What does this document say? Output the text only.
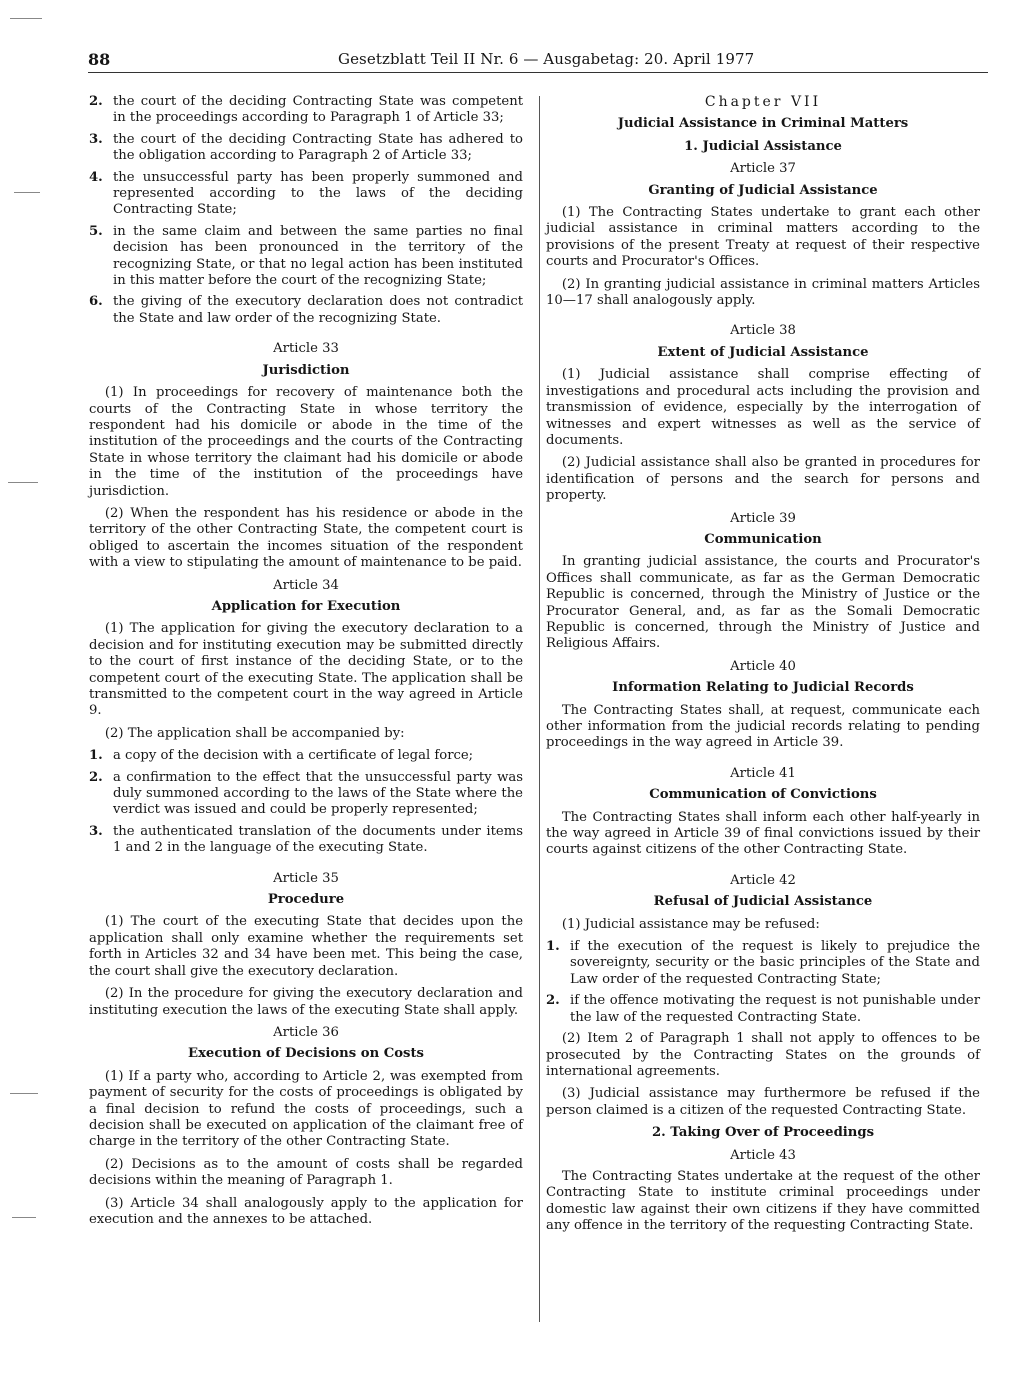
88	Gesetzblatt Teil II Nr. 6 — Ausgabetag: 20. April 1977
2. the court of the deciding Contracting State was competent in the proceedings according to Paragraph 1 of Article 33;
3. the court of the deciding Contracting State has adhered to the obligation according to Paragraph 2 of Article 33;
4. the unsuccessful party has been properly summoned and represented according to the laws of the deciding Contracting State;
5. in the same claim and between the same parties no final decision has been pronounced in the territory of the recognizing State, or that no legal action has been instituted in this matter before the court of the recognizing State;
6. the giving of the executory declaration does not contradict the State and law order of the recognizing State.
Article 33
Jurisdiction

(1) In proceedings for recovery of maintenance both the courts of the Contracting State in whose territory the respondent had his domicile or abode in the time of the institution of the proceedings and the courts of the Contracting State in whose territory the claimant had his domicile or abode in the time of the institution of the proceedings have jurisdiction.

(2) When the respondent has his residence or abode in the territory of the other Contracting State, the competent court is obliged to ascertain the incomes situation of the respondent with a view to stipulating the amount of maintenance to be paid.

Article 34
Application for Execution

(1) The application for giving the executory declaration to a decision and for instituting execution may be submitted directly to the court of first instance of the deciding State, or to the competent court of the executing State. The application shall be transmitted to the competent court in the way agreed in Article 9.

(2) The application shall be accompanied by:

1. a copy of the decision with a certificate of legal force;
2. a confirmation to the effect that the unsuccessful party was duly summoned according to the laws of the State where the verdict was issued and could be properly represented;
3. the authenticated translation of the documents under items 1 and 2 in the language of the executing State.
Article 35
Procedure

(1) The court of the executing State that decides upon the application shall only examine whether the requirements set forth in Articles 32 and 34 have been met. This being the case, the court shall give the executory declaration.

(2) In the procedure for giving the executory declaration and instituting execution the laws of the executing State shall apply.

Article 36
Execution of Decisions on Costs

(1) If a party who, according to Article 2, was exempted from payment of security for the costs of proceedings is obligated by a final decision to refund the costs of proceedings, such a decision shall be executed on application of the claimant free of charge in the territory of the other Contracting State.

(2) Decisions as to the amount of costs shall be regarded decisions within the meaning of Paragraph 1.

(3) Article 34 shall analogously apply to the application for execution and the annexes to be attached.

Chapter VII
Judicial Assistance in Criminal Matters
1. Judicial Assistance
Article 37
Granting of Judicial Assistance

(1) The Contracting States undertake to grant each other judicial assistance in criminal matters according to the provisions of the present Treaty at request of their respective courts and Procurator's Offices.

(2) In granting judicial assistance in criminal matters Articles 10—17 shall analogously apply.

Article 38
Extent of Judicial Assistance

(1) Judicial assistance shall comprise effecting of investigations and procedural acts including the provision and transmission of evidence, especially by the interrogation of witnesses and expert witnesses as well as the service of documents.

(2) Judicial assistance shall also be granted in procedures for identification of persons and the search for persons and property.

Article 39
Communication

In granting judicial assistance, the courts and Procurator's Offices shall communicate, as far as the German Democratic Republic is concerned, through the Ministry of Justice or the Procurator General, and, as far as the Somali Democratic Republic is concerned, through the Ministry of Justice and Religious Affairs.

Article 40
Information Relating to Judicial Records

The Contracting States shall, at request, communicate each other information from the judicial records relating to pending proceedings in the way agreed in Article 39.

Article 41
Communication of Convictions

The Contracting States shall inform each other half-yearly in the way agreed in Article 39 of final convictions issued by their courts against citizens of the other Contracting State.

Article 42
Refusal of Judicial Assistance

(1) Judicial assistance may be refused:

1. if the execution of the request is likely to prejudice the sovereignty, security or the basic principles of the State and Law order of the requested Contracting State;
2. if the offence motivating the request is not punishable under the law of the requested Contracting State.

(2) Item 2 of Paragraph 1 shall not apply to offences to be prosecuted by the Contracting States on the grounds of international agreements.

(3) Judicial assistance may furthermore be refused if the person claimed is a citizen of the requested Contracting State.

2. Taking Over of Proceedings
Article 43

The Contracting States undertake at the request of the other Contracting State to institute criminal proceedings under domestic law against their own citizens if they have committed any offence in the territory of the requesting Contracting State.
